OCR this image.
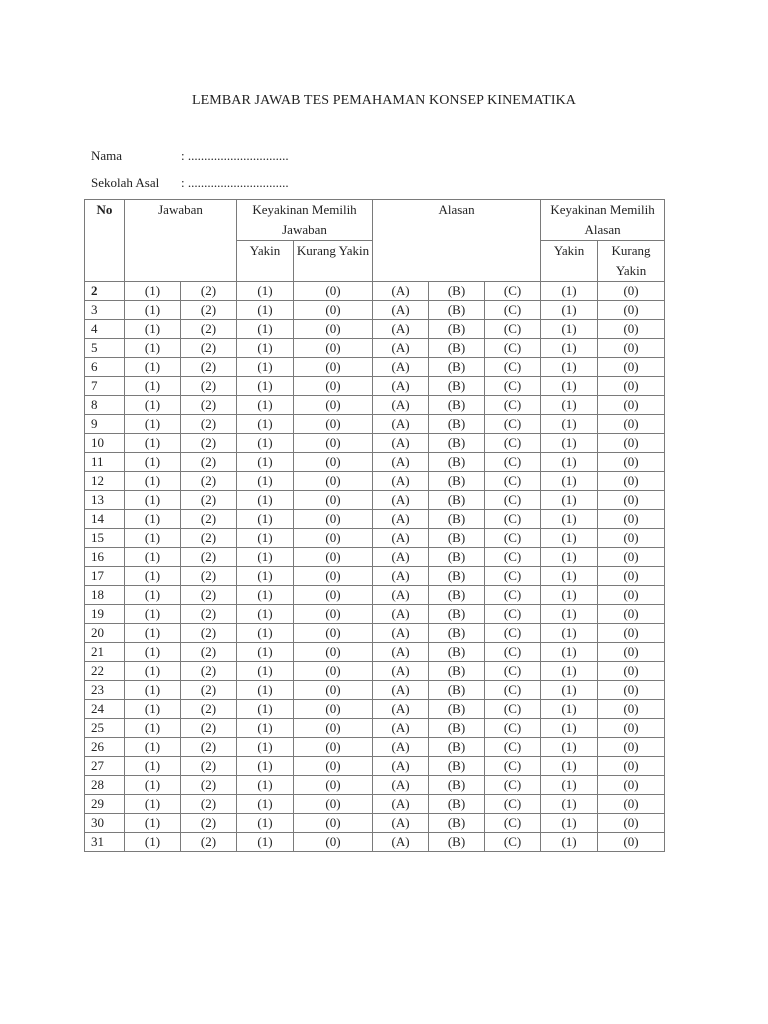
LEMBAR JAWAB TES PEMAHAMAN KONSEP KINEMATIKA
Nama	: ...............................
Sekolah Asal : ...............................
No	Jawaban		Keyakinan Memilih Jawaban		Alasan			Keyakinan Memilih Alasan	
			Yakin	Kurang Yakin				Yakin	Kurang Yakin
2	(1)	(2)	(1)	(0)	(A)	(B)	(C)	(1)	(0)
3	(1)	(2)	(1)	(0)	(A)	(B)	(C)	(1)	(0)
4	(1)	(2)	(1)	(0)	(A)	(B)	(C)	(1)	(0)
5	(1)	(2)	(1)	(0)	(A)	(B)	(C)	(1)	(0)
6	(1)	(2)	(1)	(0)	(A)	(B)	(C)	(1)	(0)
7	(1)	(2)	(1)	(0)	(A)	(B)	(C)	(1)	(0)
8	(1)	(2)	(1)	(0)	(A)	(B)	(C)	(1)	(0)
9	(1)	(2)	(1)	(0)	(A)	(B)	(C)	(1)	(0)
10	(1)	(2)	(1)	(0)	(A)	(B)	(C)	(1)	(0)
11	(1)	(2)	(1)	(0)	(A)	(B)	(C)	(1)	(0)
12	(1)	(2)	(1)	(0)	(A)	(B)	(C)	(1)	(0)
13	(1)	(2)	(1)	(0)	(A)	(B)	(C)	(1)	(0)
14	(1)	(2)	(1)	(0)	(A)	(B)	(C)	(1)	(0)
15	(1)	(2)	(1)	(0)	(A)	(B)	(C)	(1)	(0)
16	(1)	(2)	(1)	(0)	(A)	(B)	(C)	(1)	(0)
17	(1)	(2)	(1)	(0)	(A)	(B)	(C)	(1)	(0)
18	(1)	(2)	(1)	(0)	(A)	(B)	(C)	(1)	(0)
19	(1)	(2)	(1)	(0)	(A)	(B)	(C)	(1)	(0)
20	(1)	(2)	(1)	(0)	(A)	(B)	(C)	(1)	(0)
21	(1)	(2)	(1)	(0)	(A)	(B)	(C)	(1)	(0)
22	(1)	(2)	(1)	(0)	(A)	(B)	(C)	(1)	(0)
23	(1)	(2)	(1)	(0)	(A)	(B)	(C)	(1)	(0)
24	(1)	(2)	(1)	(0)	(A)	(B)	(C)	(1)	(0)
25	(1)	(2)	(1)	(0)	(A)	(B)	(C)	(1)	(0)
26	(1)	(2)	(1)	(0)	(A)	(B)	(C)	(1)	(0)
27	(1)	(2)	(1)	(0)	(A)	(B)	(C)	(1)	(0)
28	(1)	(2)	(1)	(0)	(A)	(B)	(C)	(1)	(0)
29	(1)	(2)	(1)	(0)	(A)	(B)	(C)	(1)	(0)
30	(1)	(2)	(1)	(0)	(A)	(B)	(C)	(1)	(0)
31	(1)	(2)	(1)	(0)	(A)	(B)	(C)	(1)	(0)
